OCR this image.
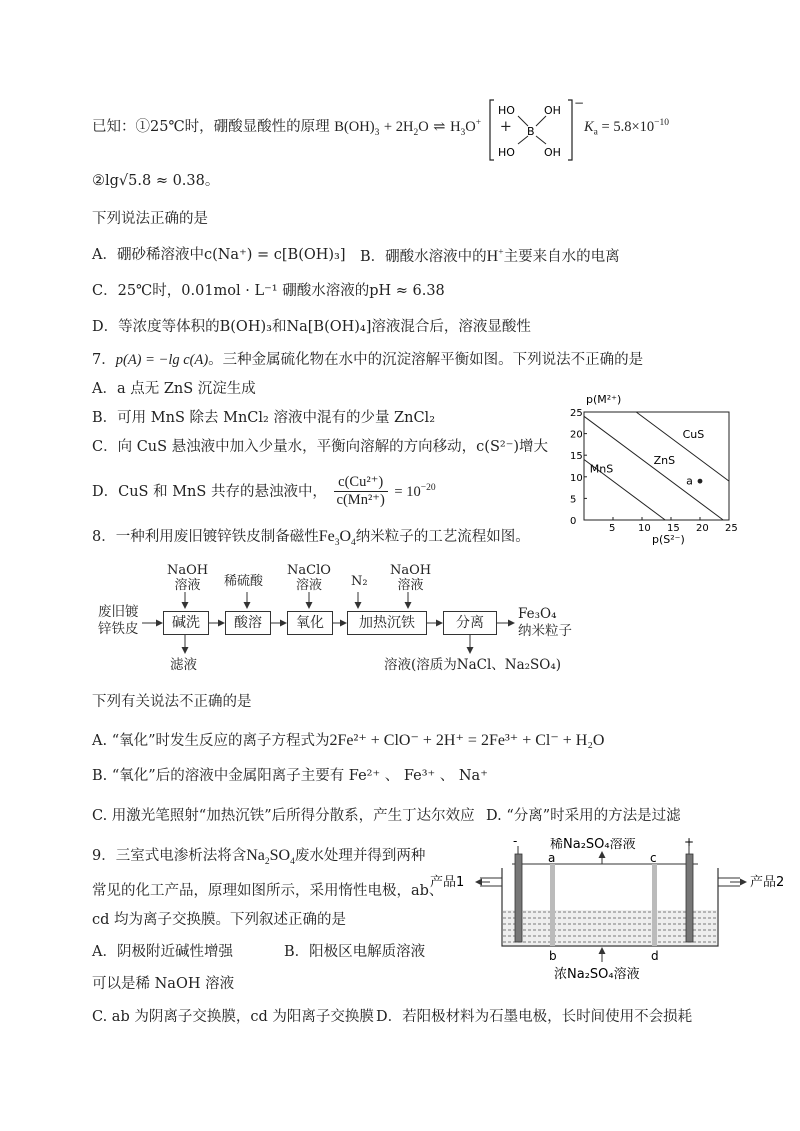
已知：①25℃时，硼酸显酸性的原理 $B(OH)_3 + 2H_2O$ ⇌ $H_3O^+$ +
HO	OH
B
HO	OH
−
$K_a = 5.8\times 10^{-10}$
②lg√5.8 ≈ 0.38。
下列说法正确的是
A．硼砂稀溶液中c(Na⁺) = c[B(OH)₃] B．硼酸水溶液中的H+主要来自水的电离
C．25℃时，0.01mol · L⁻¹ 硼酸水溶液的pH ≈ 6.38
D．等浓度等体积的B(OH)₃和Na[B(OH)₄]溶液混合后，溶液显酸性
7．p(A) = −lg c(A)。三种金属硫化物在水中的沉淀溶解平衡如图。下列说法不正确的是
A．a 点无 ZnS 沉淀生成
B．可用 MnS 除去 MnCl₂ 溶液中混有的少量 ZnCl₂
C．向 CuS 悬浊液中加入少量水，平衡向溶解的方向移动，c(S²⁻)增大
D．CuS 和 MnS 共存的悬浊液中， $\frac{\text{c(Cu²⁺)}}{\text{c(Mn²⁺)}} = 10^{-20}$
5 10 15 20 25
0
5
10
15
20
25
p(M²⁺)
p(S²⁻)
CuS
ZnS
MnS
a
8．一种利用废旧镀锌铁皮制备磁性$Fe_3O_4$纳米粒子的工艺流程如图。
废旧镀
锌铁皮
NaOH
溶液	稀硫酸
NaClO
溶液	N₂
NaOH
溶液
碱洗	酸溶	氧化	加热沉铁	分离
滤液
Fe₃O₄
纳米粒子
溶液(溶质为NaCl、Na₂SO₄)
下列有关说法不正确的是
A. “氧化”时发生反应的离子方程式为2Fe²⁺ + ClO⁻ + 2H⁺ = 2Fe³⁺ + Cl⁻ + H₂O
B. “氧化”后的溶液中金属阳离子主要有 Fe²⁺ 、 Fe³⁺ 、 Na⁺
C. 用激光笔照射“加热沉铁”后所得分散系，产生丁达尔效应 D. “分离”时采用的方法是过滤
9．三室式电渗析法将含$Na_2SO_4$废水处理并得到两种
常见的化工产品，原理如图所示，采用惰性电极，ab、
cd 均为离子交换膜。下列叙述正确的是
A．阴极附近碱性增强	B．阳极区电解质溶液
可以是稀 NaOH 溶液
C. ab 为阴离子交换膜，cd 为阳离子交换膜 D．若阳极材料为石墨电极，长时间使用不会损耗
-	+
a
b
c
d
产品1	产品2
稀Na₂SO₄溶液
浓Na₂SO₄溶液
